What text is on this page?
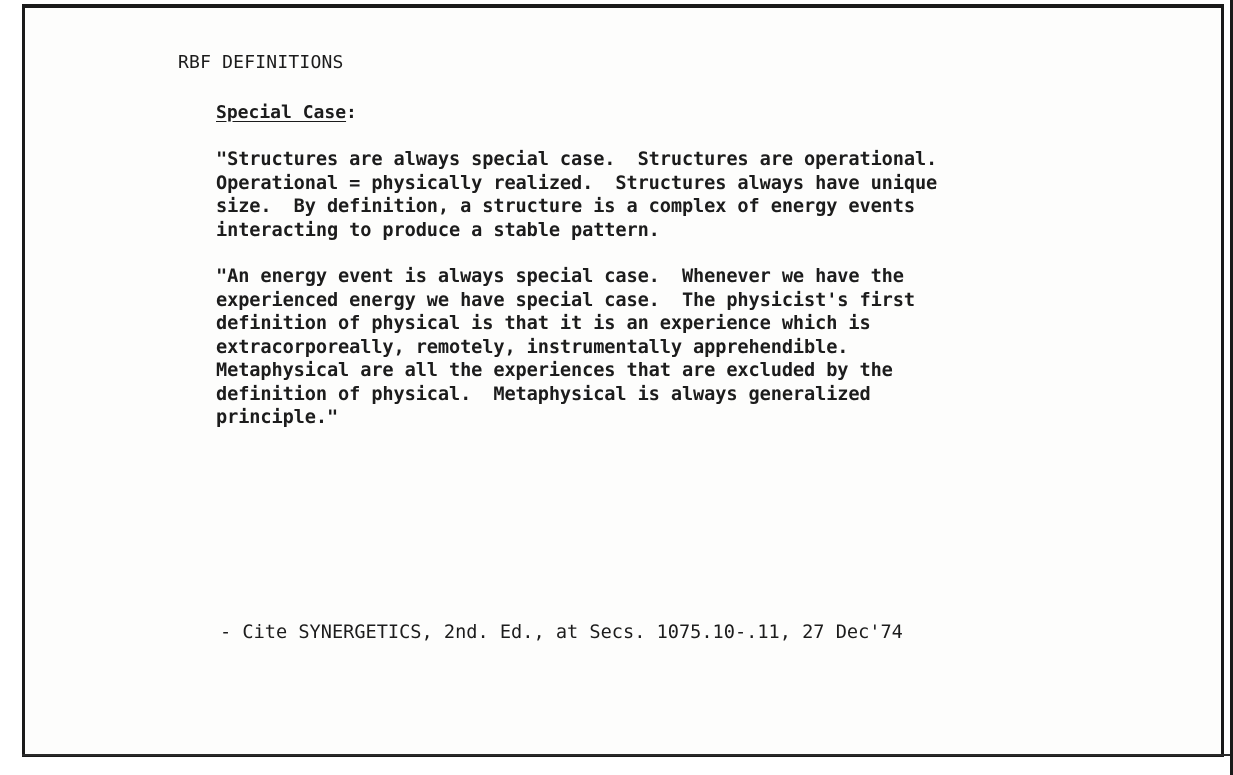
RBF DEFINITIONS
Special Case:
"Structures are always special case.  Structures are operational.
Operational = physically realized.  Structures always have unique
size.  By definition, a structure is a complex of energy events
interacting to produce a stable pattern.
"An energy event is always special case.  Whenever we have the
experienced energy we have special case.  The physicist's first
definition of physical is that it is an experience which is
extracorporeally, remotely, instrumentally apprehendible.
Metaphysical are all the experiences that are excluded by the
definition of physical.  Metaphysical is always generalized
principle."
- Cite SYNERGETICS, 2nd. Ed., at Secs. 1075.10-.11, 27 Dec'74
